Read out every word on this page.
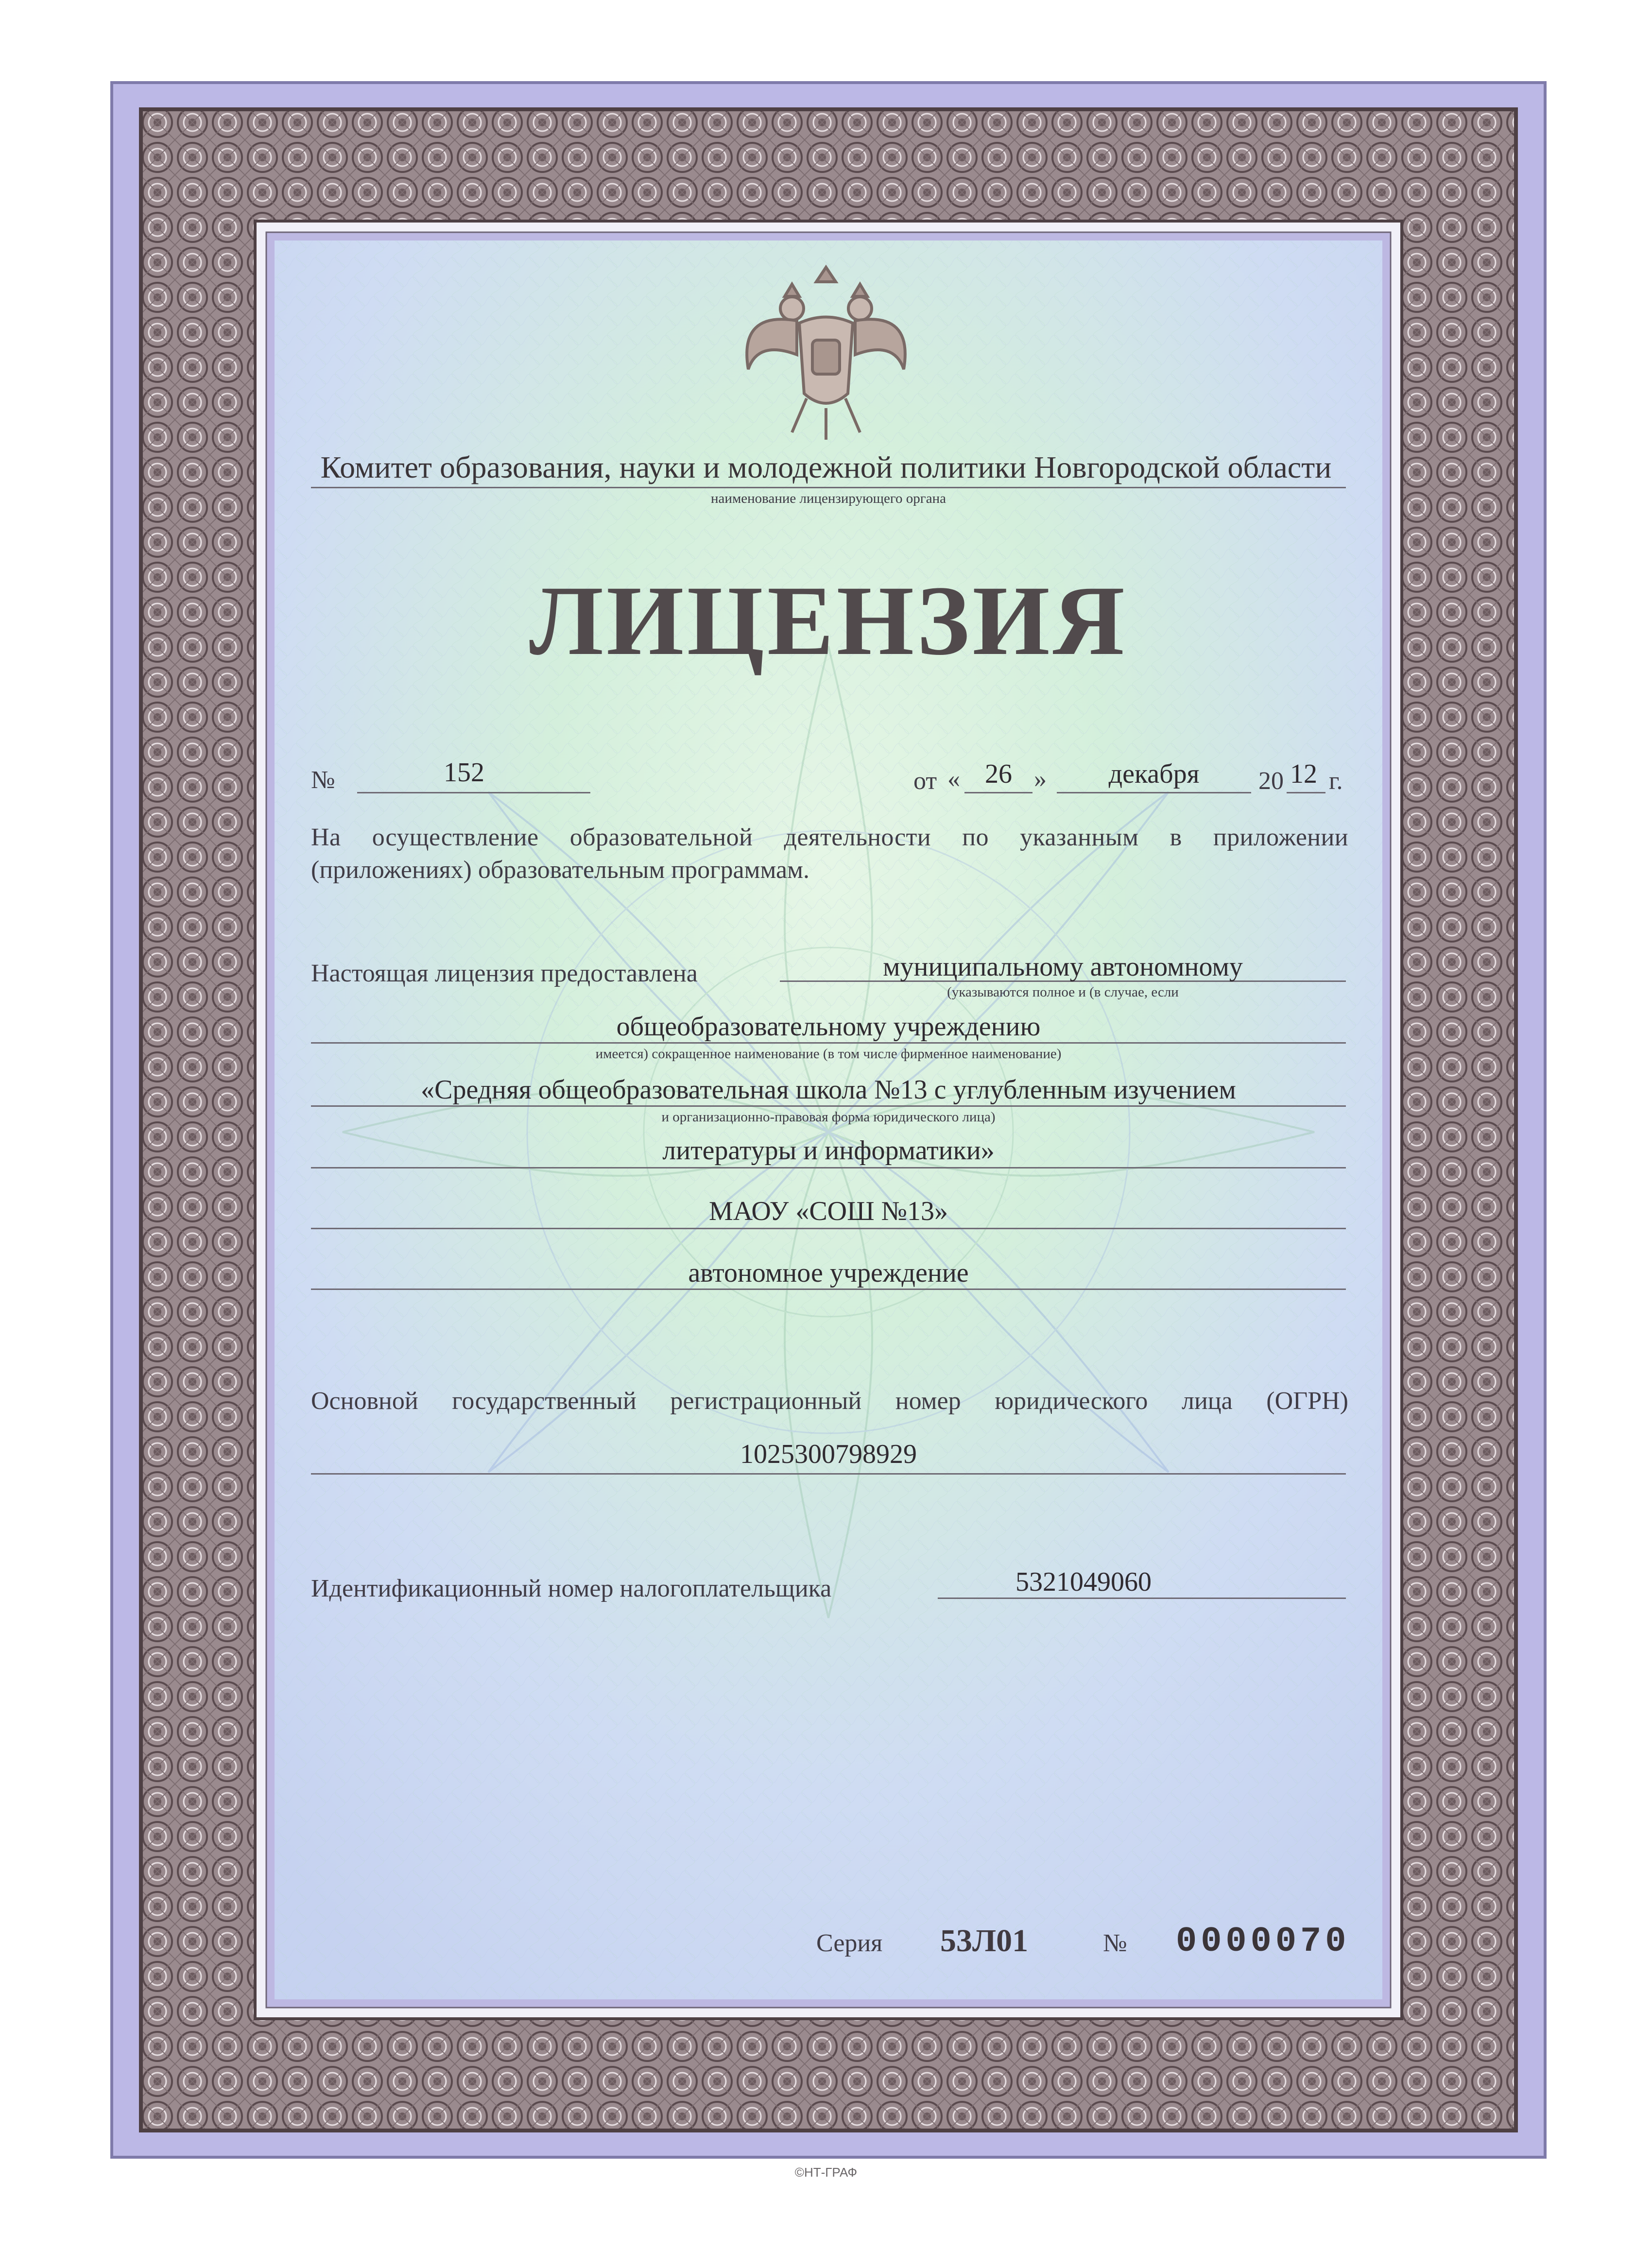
Комитет образования, науки и молодежной политики Новгородской области
наименование лицензирующего органа
ЛИЦЕНЗИЯ
№	152	от « 26 »	декабря	20 12 г.
На осуществление образовательной деятельности по указанным в приложении
(приложениях) образовательным программам.
Настоящая лицензия предоставлена	муниципальному автономному
(указываются полное и (в случае, если
общеобразовательному учреждению
имеется) сокращенное наименование (в том числе фирменное наименование)
«Средняя общеобразовательная школа №13 с углубленным изучением
и организационно-правовая форма юридического лица)
литературы и информатики»
МАОУ «СОШ №13»
автономное учреждение
Основной государственный регистрационный номер юридического лица (ОГРН)
1025300798929
Идентификационный номер налогоплательщика	5321049060
Серия 53Л01	№ 0000070
©НТ-ГРАФ
